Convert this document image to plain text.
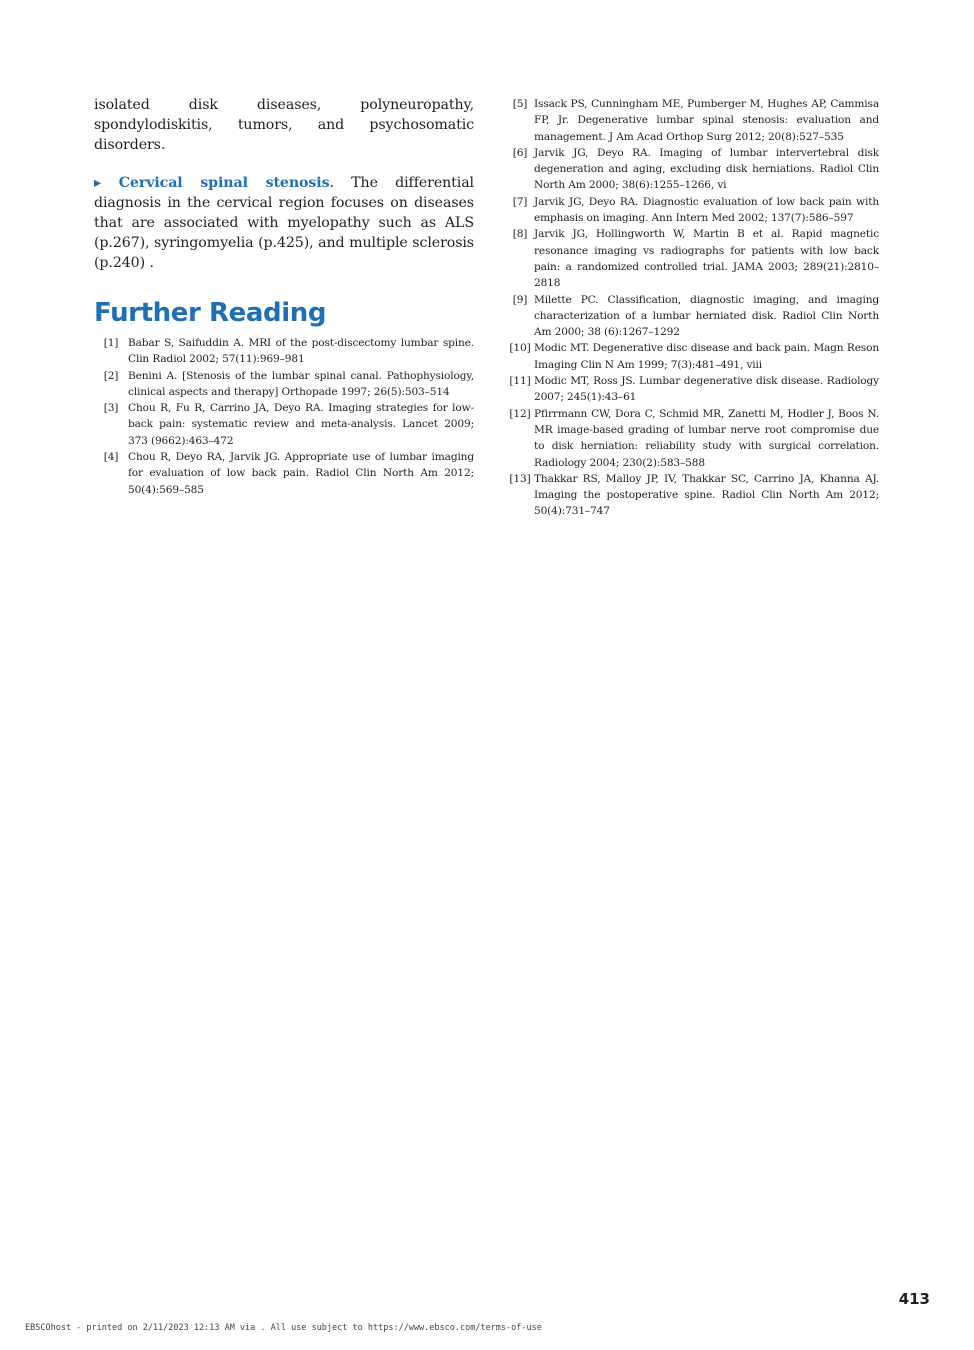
isolated disk diseases, polyneuropathy, spondylodiskitis, tumors, and psychosomatic disorders.

▸ Cervical spinal stenosis. The differential diagnosis in the cervical region focuses on diseases that are associated with myelopathy such as ALS (p.267), syringomyelia (p.425), and multiple sclerosis (p.240) .

Further Reading
[1] Babar S, Saifuddin A. MRI of the post-discectomy lumbar spine. Clin Radiol 2002; 57(11):969–981
[2] Benini A. [Stenosis of the lumbar spinal canal. Pathophysiology, clinical aspects and therapy] Orthopade 1997; 26(5):503–514
[3] Chou R, Fu R, Carrino JA, Deyo RA. Imaging strategies for low-back pain: systematic review and meta-analysis. Lancet 2009; 373 (9662):463–472
[4] Chou R, Deyo RA, Jarvik JG. Appropriate use of lumbar imaging for evaluation of low back pain. Radiol Clin North Am 2012; 50(4):569–585
[5] Issack PS, Cunningham ME, Pumberger M, Hughes AP, Cammisa FP, Jr. Degenerative lumbar spinal stenosis: evaluation and management. J Am Acad Orthop Surg 2012; 20(8):527–535
[6] Jarvik JG, Deyo RA. Imaging of lumbar intervertebral disk degeneration and aging, excluding disk herniations. Radiol Clin North Am 2000; 38(6):1255–1266, vi
[7] Jarvik JG, Deyo RA. Diagnostic evaluation of low back pain with emphasis on imaging. Ann Intern Med 2002; 137(7):586–597
[8] Jarvik JG, Hollingworth W, Martin B et al. Rapid magnetic resonance imaging vs radiographs for patients with low back pain: a randomized controlled trial. JAMA 2003; 289(21):2810–2818
[9] Milette PC. Classification, diagnostic imaging, and imaging characterization of a lumbar herniated disk. Radiol Clin North Am 2000; 38 (6):1267–1292
[10] Modic MT. Degenerative disc disease and back pain. Magn Reson Imaging Clin N Am 1999; 7(3):481–491, viii
[11] Modic MT, Ross JS. Lumbar degenerative disk disease. Radiology 2007; 245(1):43–61
[12] Pfirrmann CW, Dora C, Schmid MR, Zanetti M, Hodler J, Boos N. MR image-based grading of lumbar nerve root compromise due to disk herniation: reliability study with surgical correlation. Radiology 2004; 230(2):583–588
[13] Thakkar RS, Malloy JP, IV, Thakkar SC, Carrino JA, Khanna AJ. Imaging the postoperative spine. Radiol Clin North Am 2012; 50(4):731–747
413
EBSCOhost - printed on 2/11/2023 12:13 AM via . All use subject to https://www.ebsco.com/terms-of-use
